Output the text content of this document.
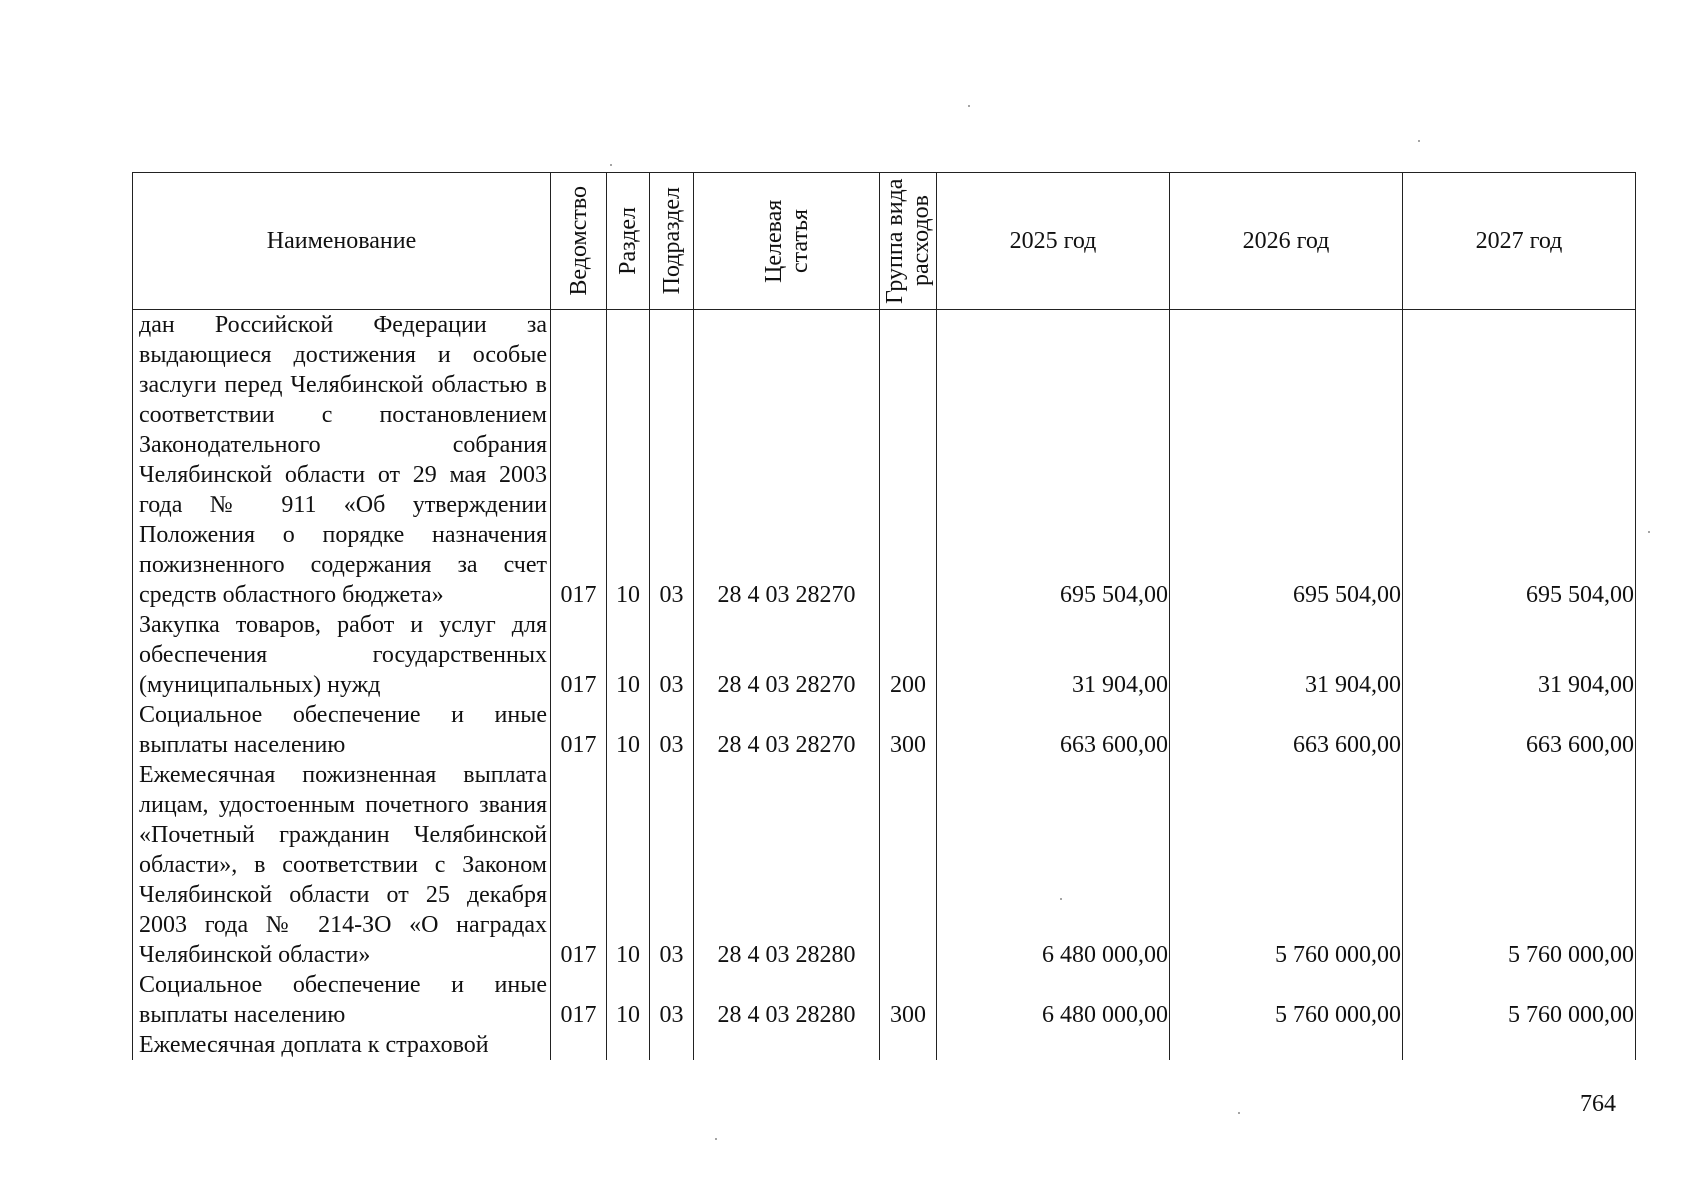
Наименование	Ведомство	Раздел	Подраздел	Целевая статья	Группа вида расходов	2025 год	2026 год	2027 год
дан Российской Федерации за выдающиеся достижения и особые заслуги перед Челябинской областью в соответствии с постановлением Законодательного собрания Челябинской области от 29 мая 2003 года № 911 «Об утверждении Положения о порядке назначения пожизненного содержания за счет средств областного бюджета»	017	10	03	28 4 03 28270		695 504,00	695 504,00	695 504,00
Закупка товаров, работ и услуг для обеспечения государственных (муниципальных) нужд	017	10	03	28 4 03 28270	200	31 904,00	31 904,00	31 904,00
Социальное обеспечение и иные выплаты населению	017	10	03	28 4 03 28270	300	663 600,00	663 600,00	663 600,00
Ежемесячная пожизненная выплата лицам, удостоенным почетного звания «Почетный гражданин Челябинской области», в соответствии с Законом Челябинской области от 25 декабря 2003 года № 214-ЗО «О наградах Челябинской области»	017	10	03	28 4 03 28280		6 480 000,00	5 760 000,00	5 760 000,00
Социальное обеспечение и иные выплаты населению	017	10	03	28 4 03 28280	300	6 480 000,00	5 760 000,00	5 760 000,00
Ежемесячная доплата к страховой								
764
